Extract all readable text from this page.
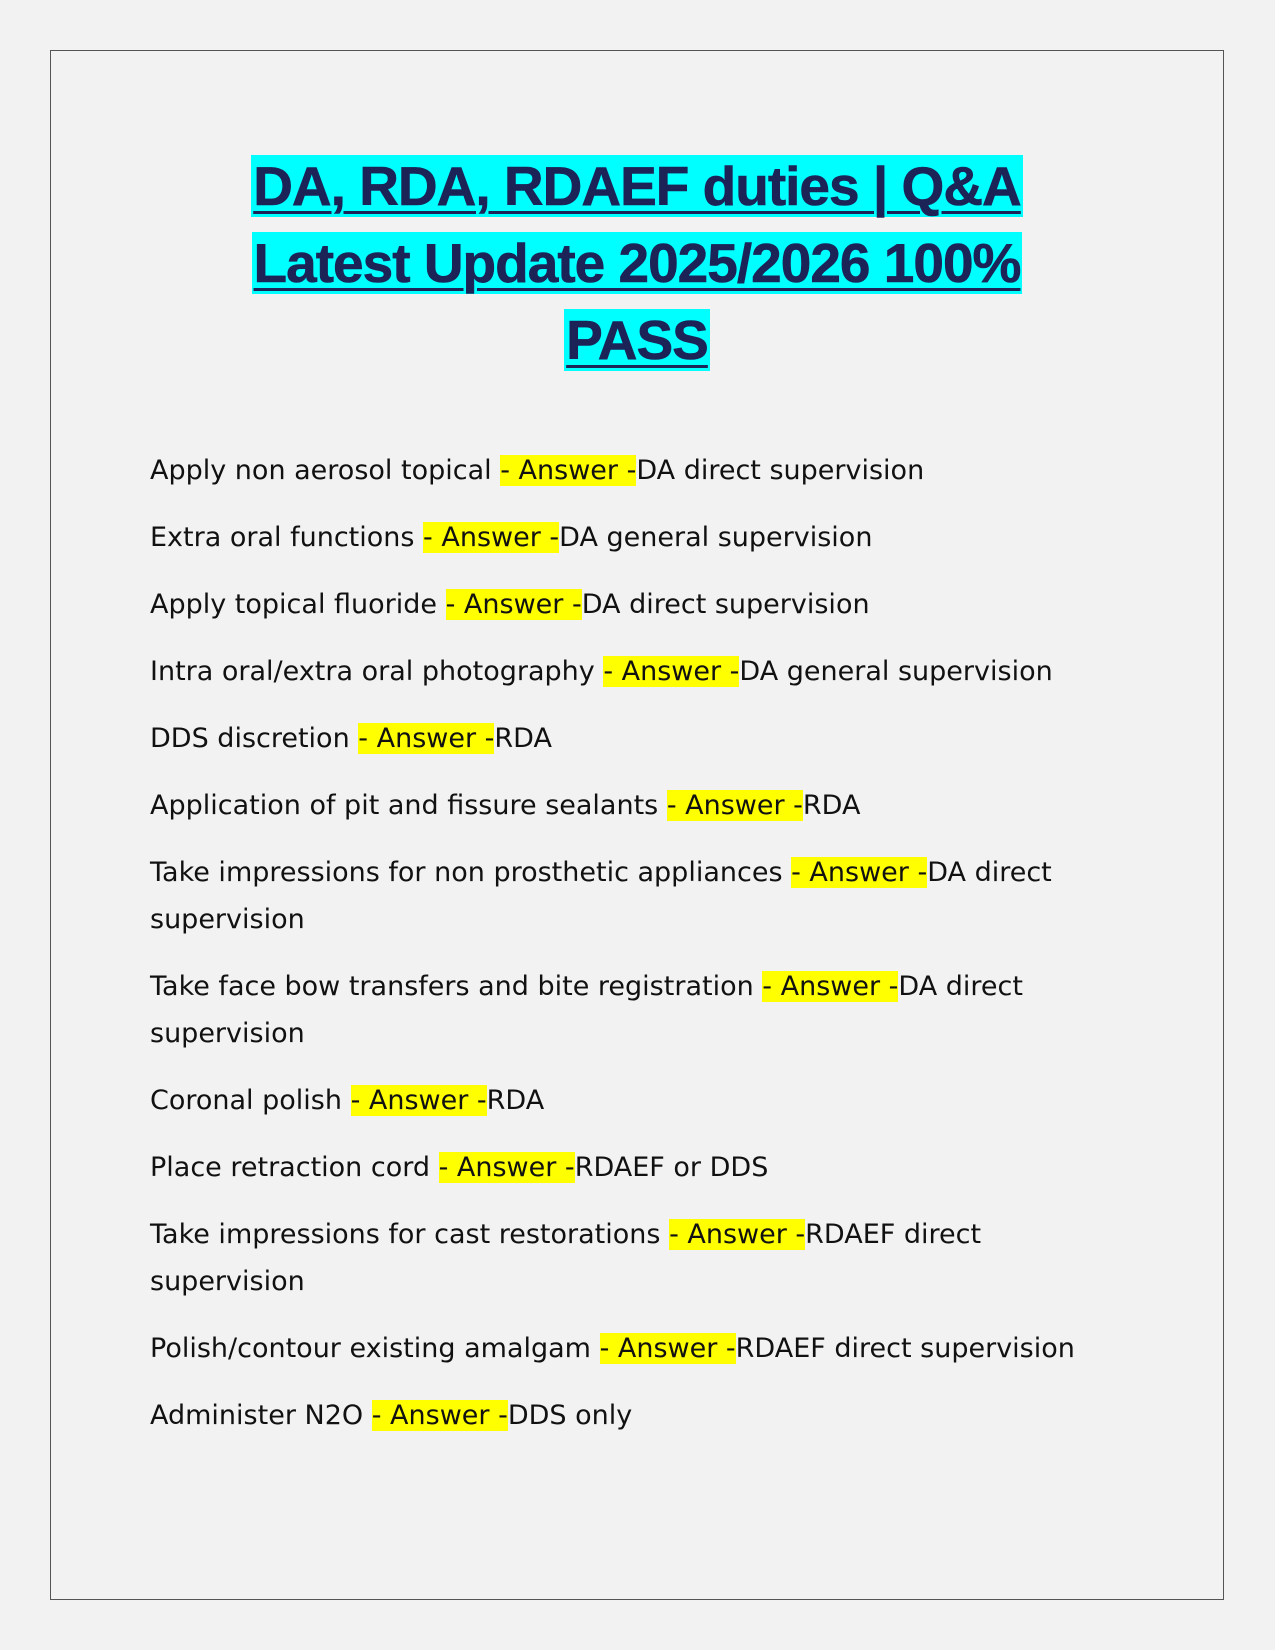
DA, RDA, RDAEF duties | Q&A
Latest Update 2025/2026 100%
PASS

Apply non aerosol topical - Answer -DA direct supervision

Extra oral functions - Answer -DA general supervision

Apply topical fluoride - Answer -DA direct supervision

Intra oral/extra oral photography - Answer -DA general supervision

DDS discretion - Answer -RDA

Application of pit and fissure sealants - Answer -RDA

Take impressions for non prosthetic appliances - Answer -DA direct supervision

Take face bow transfers and bite registration - Answer -DA direct supervision

Coronal polish - Answer -RDA

Place retraction cord - Answer -RDAEF or DDS

Take impressions for cast restorations - Answer -RDAEF direct supervision

Polish/contour existing amalgam - Answer -RDAEF direct supervision

Administer N2O - Answer -DDS only
